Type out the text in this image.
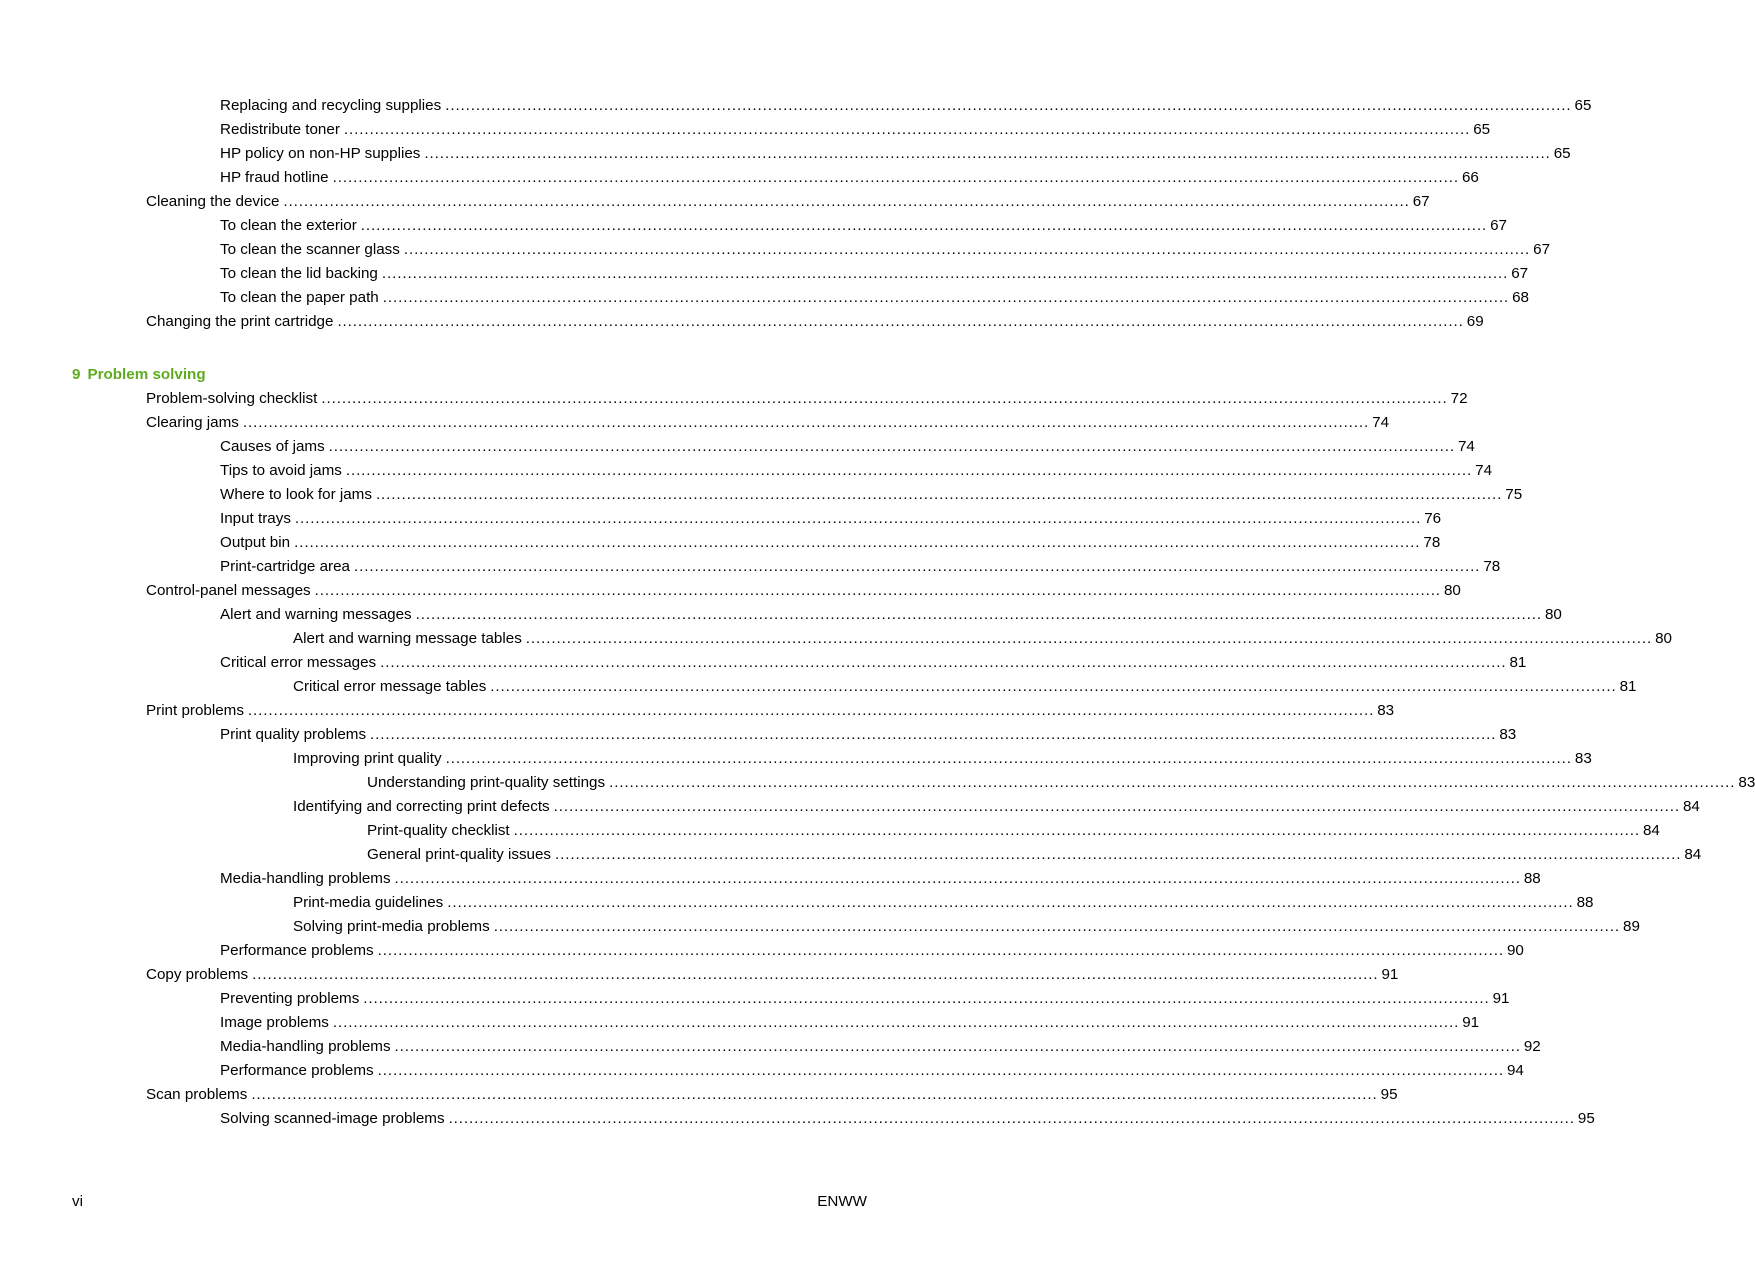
Replacing and recycling supplies ............................................................................................................................................................................................................................ 65
Redistribute toner ............................................................................................................................................................................................................................ 65
HP policy on non-HP supplies ............................................................................................................................................................................................................................ 65
HP fraud hotline ............................................................................................................................................................................................................................ 66
Cleaning the device ............................................................................................................................................................................................................................ 67
To clean the exterior ............................................................................................................................................................................................................................ 67
To clean the scanner glass ............................................................................................................................................................................................................................ 67
To clean the lid backing ............................................................................................................................................................................................................................ 67
To clean the paper path ............................................................................................................................................................................................................................ 68
Changing the print cartridge ............................................................................................................................................................................................................................ 69
9 Problem solving
Problem-solving checklist ............................................................................................................................................................................................................................ 72
Clearing jams ............................................................................................................................................................................................................................ 74
Causes of jams ............................................................................................................................................................................................................................ 74
Tips to avoid jams ............................................................................................................................................................................................................................ 74
Where to look for jams ............................................................................................................................................................................................................................ 75
Input trays ............................................................................................................................................................................................................................ 76
Output bin ............................................................................................................................................................................................................................ 78
Print-cartridge area ............................................................................................................................................................................................................................ 78
Control-panel messages ............................................................................................................................................................................................................................ 80
Alert and warning messages ............................................................................................................................................................................................................................ 80
Alert and warning message tables ............................................................................................................................................................................................................................ 80
Critical error messages ............................................................................................................................................................................................................................ 81
Critical error message tables ............................................................................................................................................................................................................................ 81
Print problems ............................................................................................................................................................................................................................ 83
Print quality problems ............................................................................................................................................................................................................................ 83
Improving print quality ............................................................................................................................................................................................................................ 83
Understanding print-quality settings ............................................................................................................................................................................................................................ 83
Identifying and correcting print defects ............................................................................................................................................................................................................................ 84
Print-quality checklist ............................................................................................................................................................................................................................ 84
General print-quality issues ............................................................................................................................................................................................................................ 84
Media-handling problems ............................................................................................................................................................................................................................ 88
Print-media guidelines ............................................................................................................................................................................................................................ 88
Solving print-media problems ............................................................................................................................................................................................................................ 89
Performance problems ............................................................................................................................................................................................................................ 90
Copy problems ............................................................................................................................................................................................................................ 91
Preventing problems ............................................................................................................................................................................................................................ 91
Image problems ............................................................................................................................................................................................................................ 91
Media-handling problems ............................................................................................................................................................................................................................ 92
Performance problems ............................................................................................................................................................................................................................ 94
Scan problems ............................................................................................................................................................................................................................ 95
Solving scanned-image problems ............................................................................................................................................................................................................................ 95
vi	ENWW
